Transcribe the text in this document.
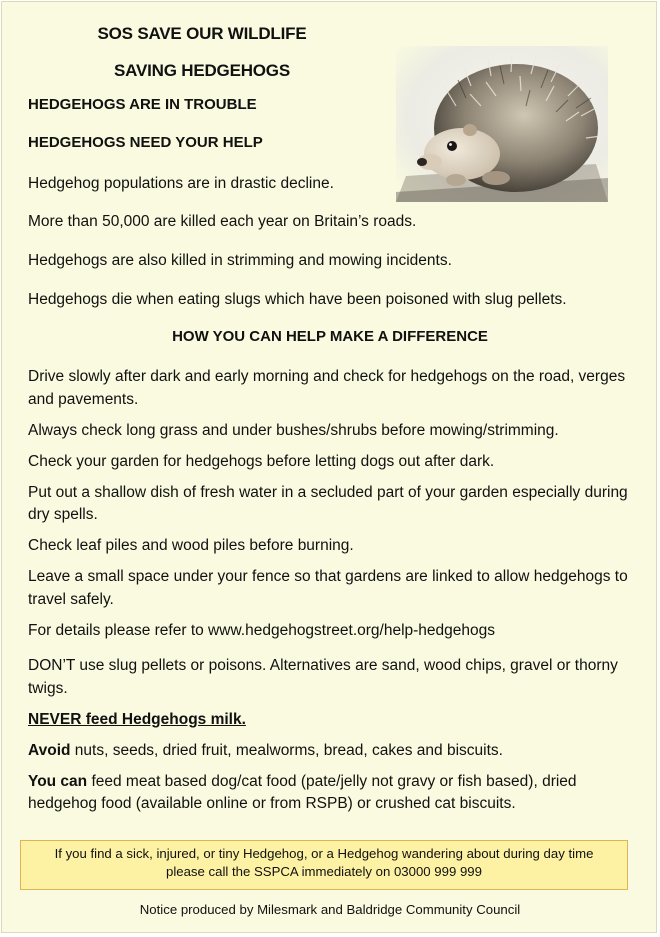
SOS SAVE OUR WILDLIFE
SAVING HEDGEHOGS
HEDGEHOGS ARE IN TROUBLE
HEDGEHOGS NEED YOUR HELP
Hedgehog populations are in drastic decline.
More than 50,000 are killed each year on Britain’s roads.
Hedgehogs are also killed in strimming and mowing incidents.
Hedgehogs die when eating slugs which have been poisoned with slug pellets.
HOW YOU CAN HELP MAKE A DIFFERENCE
Drive slowly after dark and early morning and check for hedgehogs on the road, verges and pavements.
Always check long grass and under bushes/shrubs before mowing/strimming.
Check your garden for hedgehogs before letting dogs out after dark.
Put out a shallow dish of fresh water in a secluded part of your garden especially during dry spells.
Check leaf piles and wood piles before burning.
Leave a small space under your fence so that gardens are linked to allow hedgehogs to travel safely.
For details please refer to www.hedgehogstreet.org/help-hedgehogs
DON’T use slug pellets or poisons. Alternatives are sand, wood chips, gravel or thorny twigs.
NEVER feed Hedgehogs milk.
Avoid nuts, seeds, dried fruit, mealworms, bread, cakes and biscuits.
You can feed meat based dog/cat food (pate/jelly not gravy or fish based), dried hedgehog food (available online or from RSPB) or crushed cat biscuits.
If you find a sick, injured, or tiny Hedgehog, or a Hedgehog wandering about during day time
please call the SSPCA immediately on 03000 999 999
Notice produced by Milesmark and Baldridge Community Council
